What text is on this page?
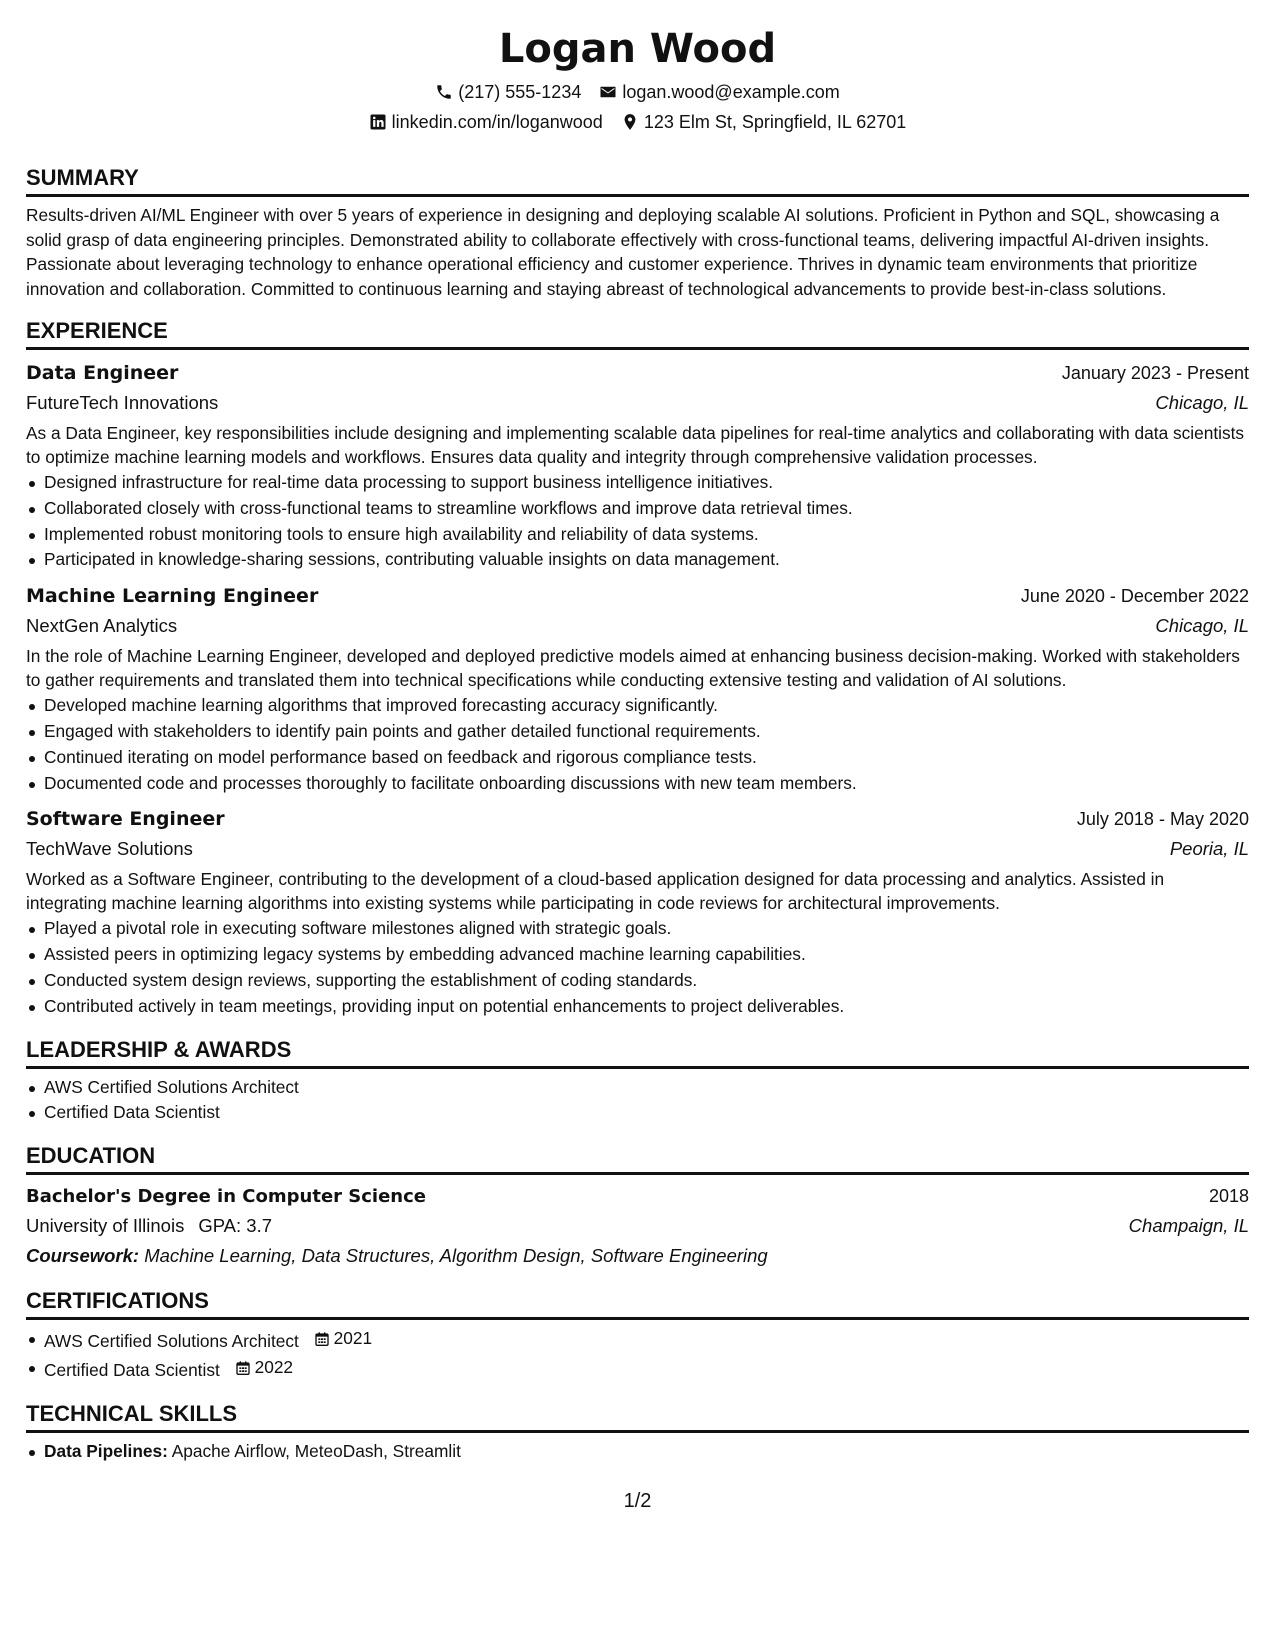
Logan Wood
(217) 555-1234 logan.wood@example.com
linkedin.com/in/loganwood 123 Elm St, Springfield, IL 62701
SUMMARY
Results-driven AI/ML Engineer with over 5 years of experience in designing and deploying scalable AI solutions. Proficient in Python and SQL, showcasing a solid grasp of data engineering principles. Demonstrated ability to collaborate effectively with cross-functional teams, delivering impactful AI-driven insights. Passionate about leveraging technology to enhance operational efficiency and customer experience. Thrives in dynamic team environments that prioritize innovation and collaboration. Committed to continuous learning and staying abreast of technological advancements to provide best-in-class solutions.
EXPERIENCE
Data Engineer	January 2023 - Present
FutureTech Innovations	Chicago, IL
As a Data Engineer, key responsibilities include designing and implementing scalable data pipelines for real-time analytics and collaborating with data scientists to optimize machine learning models and workflows. Ensures data quality and integrity through comprehensive validation processes.
Designed infrastructure for real-time data processing to support business intelligence initiatives.
Collaborated closely with cross-functional teams to streamline workflows and improve data retrieval times.
Implemented robust monitoring tools to ensure high availability and reliability of data systems.
Participated in knowledge-sharing sessions, contributing valuable insights on data management.
Machine Learning Engineer	June 2020 - December 2022
NextGen Analytics	Chicago, IL
In the role of Machine Learning Engineer, developed and deployed predictive models aimed at enhancing business decision-making. Worked with stakeholders to gather requirements and translated them into technical specifications while conducting extensive testing and validation of AI solutions.
Developed machine learning algorithms that improved forecasting accuracy significantly.
Engaged with stakeholders to identify pain points and gather detailed functional requirements.
Continued iterating on model performance based on feedback and rigorous compliance tests.
Documented code and processes thoroughly to facilitate onboarding discussions with new team members.
Software Engineer	July 2018 - May 2020
TechWave Solutions	Peoria, IL
Worked as a Software Engineer, contributing to the development of a cloud-based application designed for data processing and analytics. Assisted in integrating machine learning algorithms into existing systems while participating in code reviews for architectural improvements.
Played a pivotal role in executing software milestones aligned with strategic goals.
Assisted peers in optimizing legacy systems by embedding advanced machine learning capabilities.
Conducted system design reviews, supporting the establishment of coding standards.
Contributed actively in team meetings, providing input on potential enhancements to project deliverables.
LEADERSHIP & AWARDS
AWS Certified Solutions Architect
Certified Data Scientist
EDUCATION
Bachelor's Degree in Computer Science	2018
University of Illinois GPA: 3.7	Champaign, IL
Coursework: Machine Learning, Data Structures, Algorithm Design, Software Engineering
CERTIFICATIONS
AWS Certified Solutions Architect 2021
Certified Data Scientist 2022
TECHNICAL SKILLS
Data Pipelines: Apache Airflow, MeteoDash, Streamlit
1/2
